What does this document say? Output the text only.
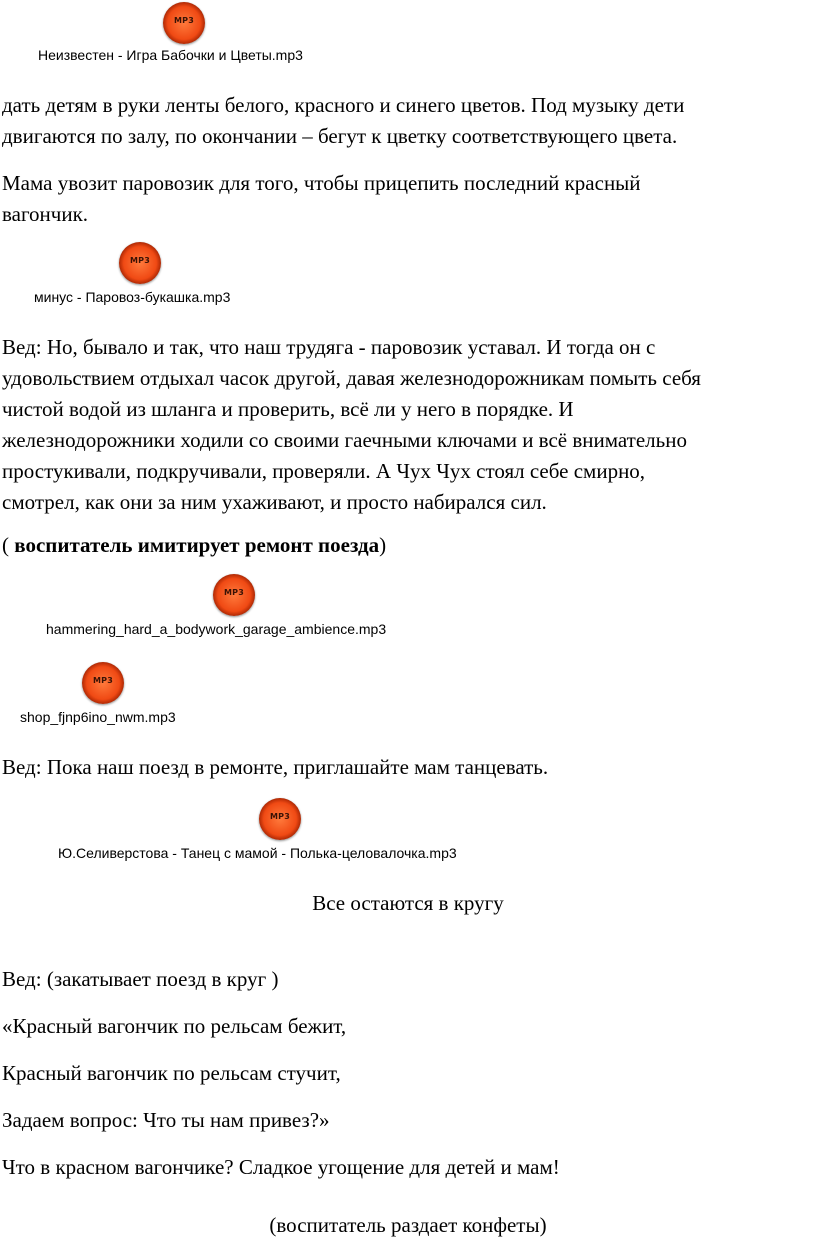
MP3
Неизвестен - Игра Бабочки и Цветы.mp3

дать детям в руки ленты белого, красного и синего цветов. Под музыку дети

двигаются по залу, по окончании – бегут к цветку соответствующего цвета.

Мама увозит паровозик для того, чтобы прицепить последний красный

вагончик.

MP3
минус - Паровоз-букашка.mp3

Вед: Но, бывало и так, что наш трудяга - паровозик уставал. И тогда он с

удовольствием отдыхал часок другой, давая железнодорожникам помыть себя

чистой водой из шланга и проверить, всё ли у него в порядке. И

железнодорожники ходили со своими гаечными ключами и всё внимательно

простукивали, подкручивали, проверяли. А Чух Чух стоял себе смирно,

смотрел, как они за ним ухаживают, и просто набирался сил.

( воспитатель имитирует ремонт поезда)

MP3
hammering_hard_a_bodywork_garage_ambience.mp3
MP3
shop_fjnp6ino_nwm.mp3

Вед: Пока наш поезд в ремонте, приглашайте мам танцевать.

MP3
Ю.Селиверстова - Танец с мамой - Полька-целовалочка.mp3

Все остаются в кругу

Вед: (закатывает поезд в круг )

«Красный вагончик по рельсам бежит,

Красный вагончик по рельсам стучит,

Задаем вопрос: Что ты нам привез?»

Что в красном вагончике? Сладкое угощение для детей и мам!

(воспитатель раздает конфеты)
